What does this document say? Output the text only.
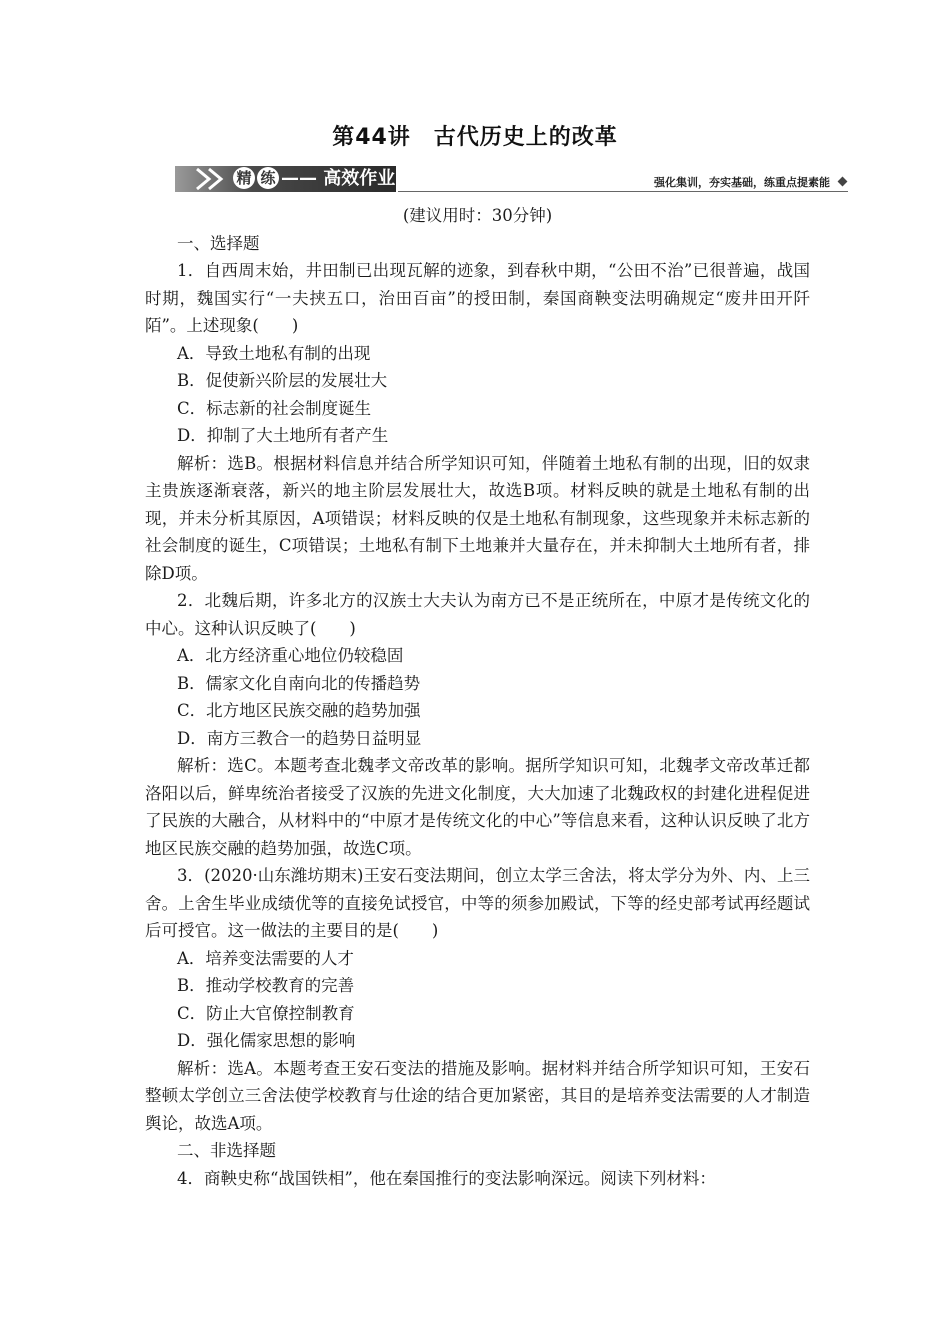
第44讲　古代历史上的改革
精 练 —— 高效作业	强化集训，夯实基础，练重点提素能

(建议用时：30分钟)

一、选择题

1．自西周末始，井田制已出现瓦解的迹象，到春秋中期，“公田不治”已很普遍，战国时期，魏国实行“一夫挟五口，治田百亩”的授田制，秦国商鞅变法明确规定“废井田开阡陌”。上述现象(　　)

A．导致土地私有制的出现

B．促使新兴阶层的发展壮大

C．标志新的社会制度诞生

D．抑制了大土地所有者产生

解析：选B。根据材料信息并结合所学知识可知，伴随着土地私有制的出现，旧的奴隶主贵族逐渐衰落，新兴的地主阶层发展壮大，故选B项。材料反映的就是土地私有制的出现，并未分析其原因，A项错误；材料反映的仅是土地私有制现象，这些现象并未标志新的社会制度的诞生，C项错误；土地私有制下土地兼并大量存在，并未抑制大土地所有者，排除D项。

2．北魏后期，许多北方的汉族士大夫认为南方已不是正统所在，中原才是传统文化的中心。这种认识反映了(　　)

A．北方经济重心地位仍较稳固

B．儒家文化自南向北的传播趋势

C．北方地区民族交融的趋势加强

D．南方三教合一的趋势日益明显

解析：选C。本题考查北魏孝文帝改革的影响。据所学知识可知，北魏孝文帝改革迁都洛阳以后，鲜卑统治者接受了汉族的先进文化制度，大大加速了北魏政权的封建化进程促进了民族的大融合，从材料中的“中原才是传统文化的中心”等信息来看，这种认识反映了北方地区民族交融的趋势加强，故选C项。

3．(2020·山东潍坊期末)王安石变法期间，创立太学三舍法，将太学分为外、内、上三舍。上舍生毕业成绩优等的直接免试授官，中等的须参加殿试，下等的经史部考试再经题试后可授官。这一做法的主要目的是(　　)

A．培养变法需要的人才

B．推动学校教育的完善

C．防止大官僚控制教育

D．强化儒家思想的影响

解析：选A。本题考查王安石变法的措施及影响。据材料并结合所学知识可知，王安石整顿太学创立三舍法使学校教育与仕途的结合更加紧密，其目的是培养变法需要的人才制造舆论，故选A项。

二、非选择题

4．商鞅史称“战国铁相”，他在秦国推行的变法影响深远。阅读下列材料：
